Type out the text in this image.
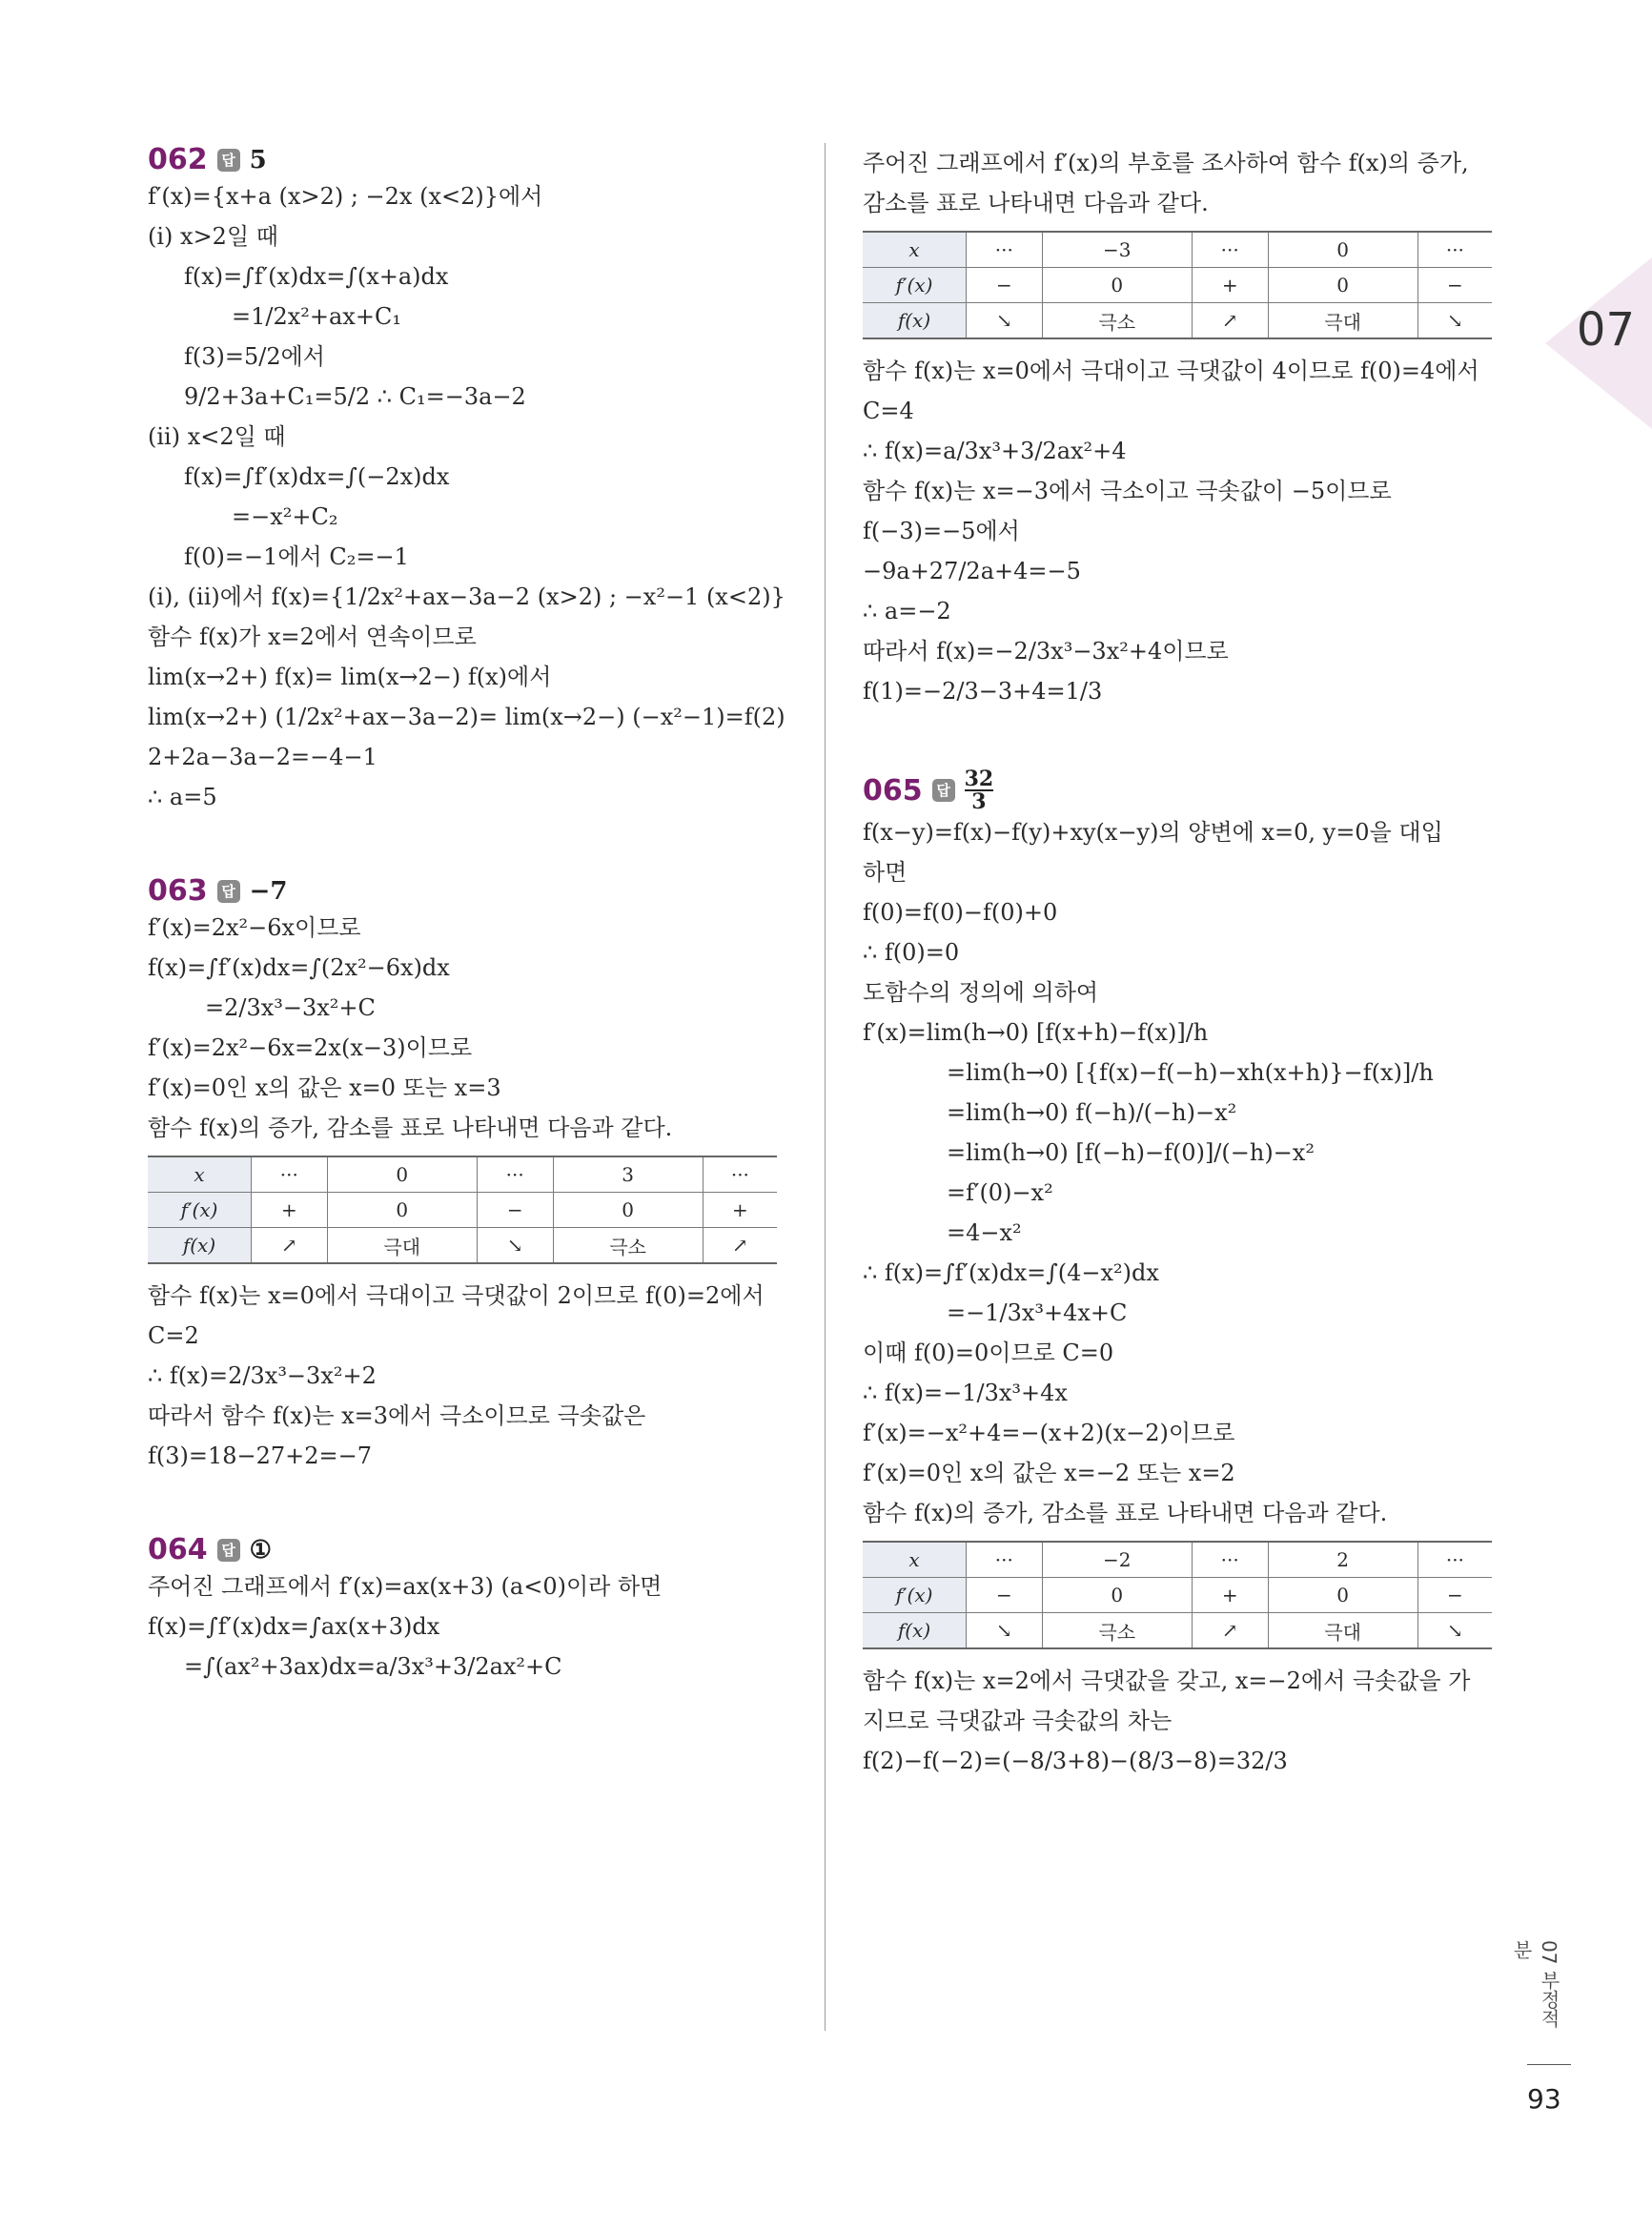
07
062 답 5
f′(x)={x+a (x>2) ; −2x (x<2)}에서
(i) x>2일 때
f(x)=∫f′(x)dx=∫(x+a)dx
=1/2x²+ax+C₁
f(3)=5/2에서
9/2+3a+C₁=5/2 ∴ C₁=−3a−2
(ii) x<2일 때
f(x)=∫f′(x)dx=∫(−2x)dx
=−x²+C₂
f(0)=−1에서 C₂=−1
(i), (ii)에서 f(x)={1/2x²+ax−3a−2 (x>2) ; −x²−1 (x<2)}
함수 f(x)가 x=2에서 연속이므로
lim(x→2+) f(x)= lim(x→2−) f(x)에서
lim(x→2+) (1/2x²+ax−3a−2)= lim(x→2−) (−x²−1)=f(2)
2+2a−3a−2=−4−1
∴ a=5
063 답 −7
f′(x)=2x²−6x이므로
f(x)=∫f′(x)dx=∫(2x²−6x)dx
=2/3x³−3x²+C
f′(x)=2x²−6x=2x(x−3)이므로
f′(x)=0인 x의 값은 x=0 또는 x=3
함수 f(x)의 증가, 감소를 표로 나타내면 다음과 같다.
x	···	0	···	3	···
f′(x)	+	0	−	0	+
f(x)	↗	극대	↘	극소	↗
함수 f(x)는 x=0에서 극대이고 극댓값이 2이므로 f(0)=2에서
C=2
∴ f(x)=2/3x³−3x²+2
따라서 함수 f(x)는 x=3에서 극소이므로 극솟값은
f(3)=18−27+2=−7
064 답 ①
주어진 그래프에서 f′(x)=ax(x+3) (a<0)이라 하면
f(x)=∫f′(x)dx=∫ax(x+3)dx
=∫(ax²+3ax)dx=a/3x³+3/2ax²+C
주어진 그래프에서 f′(x)의 부호를 조사하여 함수 f(x)의 증가,
감소를 표로 나타내면 다음과 같다.
x	···	−3	···	0	···
f′(x)	−	0	+	0	−
f(x)	↘	극소	↗	극대	↘
함수 f(x)는 x=0에서 극대이고 극댓값이 4이므로 f(0)=4에서
C=4
∴ f(x)=a/3x³+3/2ax²+4
함수 f(x)는 x=−3에서 극소이고 극솟값이 −5이므로
f(−3)=−5에서
−9a+27/2a+4=−5
∴ a=−2
따라서 f(x)=−2/3x³−3x²+4이므로
f(1)=−2/3−3+4=1/3
065 답 $\frac{32}{3}$
f(x−y)=f(x)−f(y)+xy(x−y)의 양변에 x=0, y=0을 대입
하면
f(0)=f(0)−f(0)+0
∴ f(0)=0
도함수의 정의에 의하여
f′(x)=lim(h→0) [f(x+h)−f(x)]/h
=lim(h→0) [{f(x)−f(−h)−xh(x+h)}−f(x)]/h
=lim(h→0) f(−h)/(−h)−x²
=lim(h→0) [f(−h)−f(0)]/(−h)−x²
=f′(0)−x²
=4−x²
∴ f(x)=∫f′(x)dx=∫(4−x²)dx
=−1/3x³+4x+C
이때 f(0)=0이므로 C=0
∴ f(x)=−1/3x³+4x
f′(x)=−x²+4=−(x+2)(x−2)이므로
f′(x)=0인 x의 값은 x=−2 또는 x=2
함수 f(x)의 증가, 감소를 표로 나타내면 다음과 같다.
x	···	−2	···	2	···
f′(x)	−	0	+	0	−
f(x)	↘	극소	↗	극대	↘
함수 f(x)는 x=2에서 극댓값을 갖고, x=−2에서 극솟값을 가
지므로 극댓값과 극솟값의 차는
f(2)−f(−2)=(−8/3+8)−(8/3−8)=32/3
07 부정적분
93
